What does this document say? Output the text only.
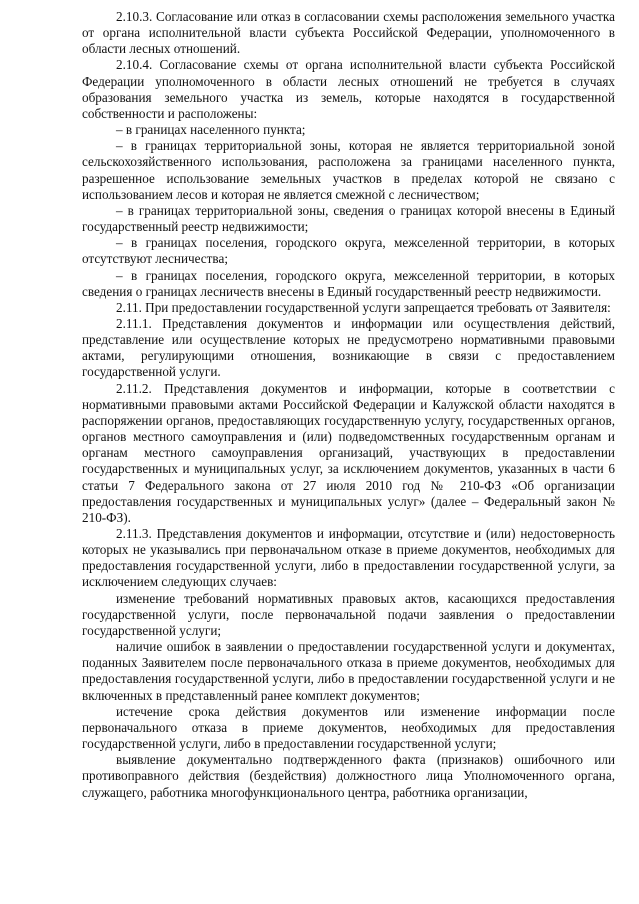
2.10.3. Согласование или отказ в согласовании схемы расположения земельного участка от органа исполнительной власти субъекта Российской Федерации, уполномоченного в области лесных отношений.

2.10.4. Согласование схемы от органа исполнительной власти субъекта Российской Федерации уполномоченного в области лесных отношений не требуется в случаях образования земельного участка из земель, которые находятся в государственной собственности и расположены:

– в границах населенного пункта;

– в границах территориальной зоны, которая не является территориальной зоной сельскохозяйственного использования, расположена за границами населенного пункта, разрешенное использование земельных участков в пределах которой не связано с использованием лесов и которая не является смежной с лесничеством;

– в границах территориальной зоны, сведения о границах которой внесены в Единый государственный реестр недвижимости;

– в границах поселения, городского округа, межселенной территории, в которых отсутствуют лесничества;

– в границах поселения, городского округа, межселенной территории, в которых сведения о границах лесничеств внесены в Единый государственный реестр недвижимости.

2.11. При предоставлении государственной услуги запрещается требовать от Заявителя:

2.11.1. Представления документов и информации или осуществления действий, представление или осуществление которых не предусмотрено нормативными правовыми актами, регулирующими отношения, возникающие в связи с предоставлением государственной услуги.

2.11.2. Представления документов и информации, которые в соответствии с нормативными правовыми актами Российской Федерации и Калужской области находятся в распоряжении органов, предоставляющих государственную услугу, государственных органов, органов местного самоуправления и (или) подведомственных государственным органам и органам местного самоуправления организаций, участвующих в предоставлении государственных и муниципальных услуг, за исключением документов, указанных в части 6 статьи 7 Федерального закона от 27 июля 2010 год № 210-ФЗ «Об организации предоставления государственных и муниципальных услуг» (далее – Федеральный закон № 210-ФЗ).

2.11.3. Представления документов и информации, отсутствие и (или) недостоверность которых не указывались при первоначальном отказе в приеме документов, необходимых для предоставления государственной услуги, либо в предоставлении государственной услуги, за исключением следующих случаев:

изменение требований нормативных правовых актов, касающихся предоставления государственной услуги, после первоначальной подачи заявления о предоставлении государственной услуги;

наличие ошибок в заявлении о предоставлении государственной услуги и документах, поданных Заявителем после первоначального отказа в приеме документов, необходимых для предоставления государственной услуги, либо в предоставлении государственной услуги и не включенных в представленный ранее комплект документов;

истечение срока действия документов или изменение информации после первоначального отказа в приеме документов, необходимых для предоставления государственной услуги, либо в предоставлении государственной услуги;

выявление документально подтвержденного факта (признаков) ошибочного или противоправного действия (бездействия) должностного лица Уполномоченного органа, служащего, работника многофункционального центра, работника организации,
